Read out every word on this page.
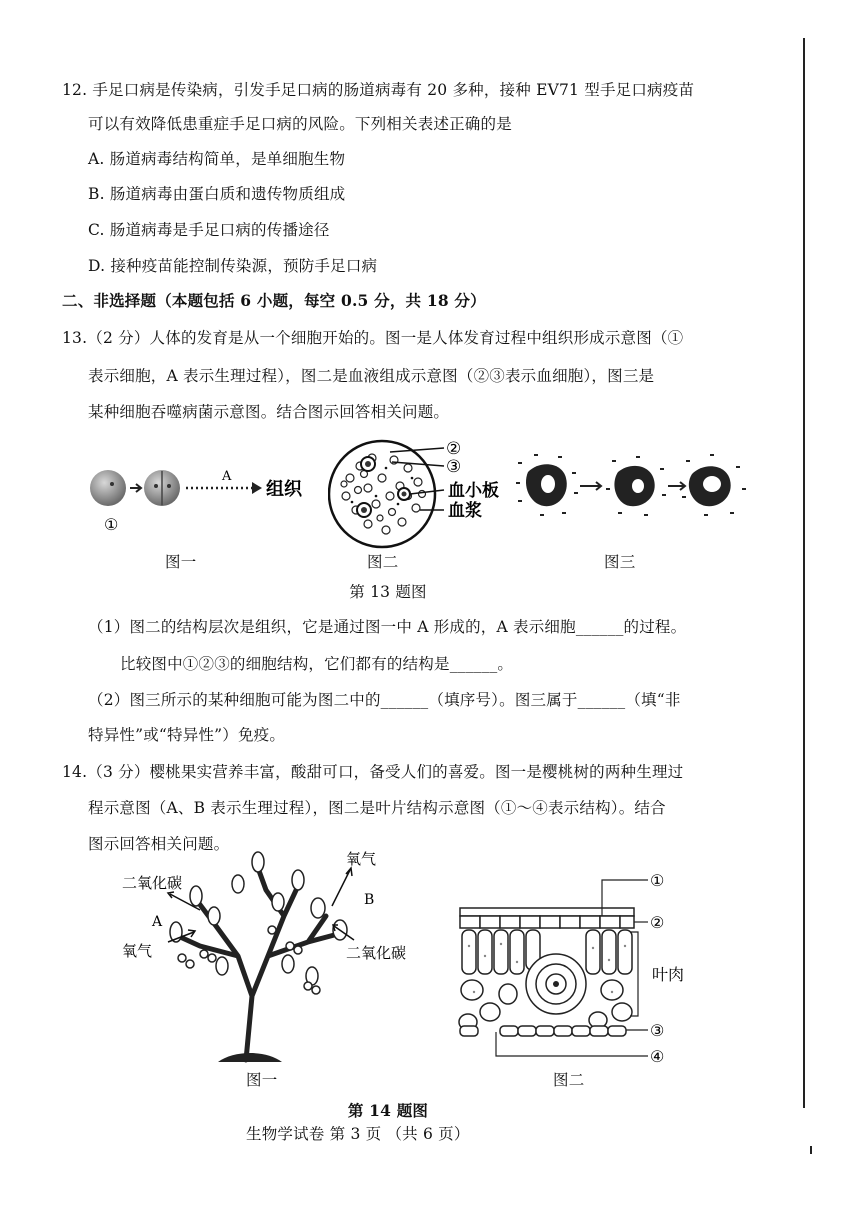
12. 手足口病是传染病，引发手足口病的肠道病毒有 20 多种，接种 EV71 型手足口病疫苗
可以有效降低患重症手足口病的风险。下列相关表述正确的是
A. 肠道病毒结构简单，是单细胞生物
B. 肠道病毒由蛋白质和遗传物质组成
C. 肠道病毒是手足口病的传播途径
D. 接种疫苗能控制传染源，预防手足口病
二、非选择题（本题包括 6 小题，每空 0.5 分，共 18 分）
13.（2 分）人体的发育是从一个细胞开始的。图一是人体发育过程中组织形成示意图（①
表示细胞，A 表示生理过程），图二是血液组成示意图（②③表示血细胞），图三是
某种细胞吞噬病菌示意图。结合图示回答相关问题。
①
A
组织
图一
②
③
血小板
血浆
图二	图三
第 13 题图
（1）图二的结构层次是组织，它是通过图一中 A 形成的，A 表示细胞______的过程。
比较图中①②③的细胞结构，它们都有的结构是______。
（2）图三所示的某种细胞可能为图二中的______（填序号）。图三属于______（填“非
特异性”或“特异性”）免疫。
14.（3 分）樱桃果实营养丰富，酸甜可口，备受人们的喜爱。图一是樱桃树的两种生理过
程示意图（A、B 表示生理过程），图二是叶片结构示意图（①～④表示结构）。结合
图示回答相关问题。
氧气
二氧化碳
A
B
氧气	二氧化碳
图一
①
②
叶肉
③
④
图二
第 14 题图
生物学试卷 第 3 页 （共 6 页）
